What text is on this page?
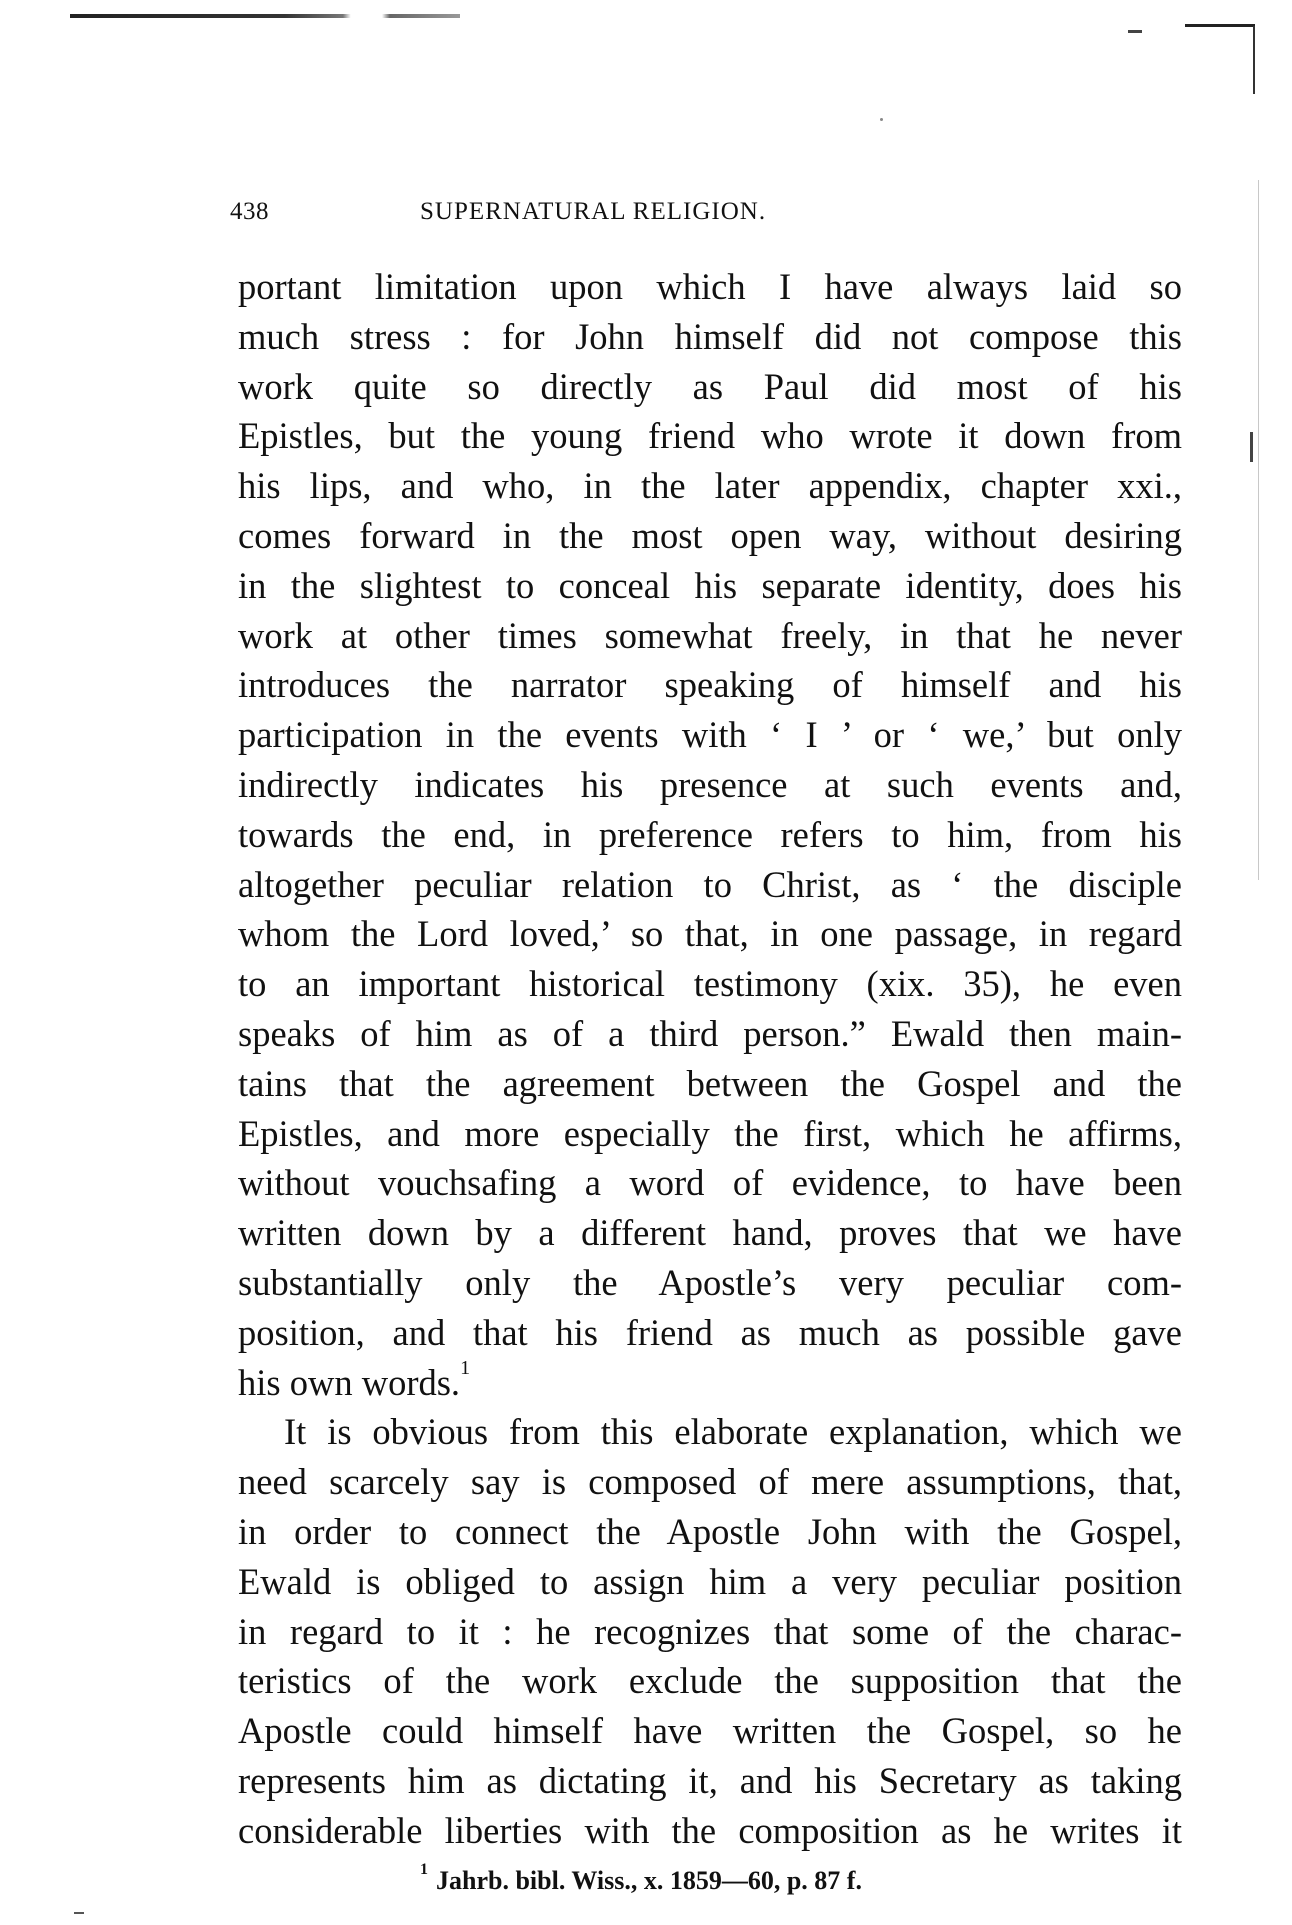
438	SUPERNATURAL RELIGION.
portant limitation upon which I have always laid so
much stress : for John himself did not compose this
work quite so directly as Paul did most of his
Epistles, but the young friend who wrote it down from
his lips, and who, in the later appendix, chapter xxi.,
comes forward in the most open way, without desiring
in the slightest to conceal his separate identity, does his
work at other times somewhat freely, in that he never
introduces the narrator speaking of himself and his
participation in the events with ‘ I ’ or ‘ we,’ but only
indirectly indicates his presence at such events and,
towards the end, in preference refers to him, from his
altogether peculiar relation to Christ, as ‘ the disciple
whom the Lord loved,’ so that, in one passage, in regard
to an important historical testimony (xix. 35), he even
speaks of him as of a third person.” Ewald then main-
tains that the agreement between the Gospel and the
Epistles, and more especially the first, which he affirms,
without vouchsafing a word of evidence, to have been
written down by a different hand, proves that we have
substantially only the Apostle’s very peculiar com-
position, and that his friend as much as possible gave
his own words.$^1$
It is obvious from this elaborate explanation, which we
need scarcely say is composed of mere assumptions, that,
in order to connect the Apostle John with the Gospel,
Ewald is obliged to assign him a very peculiar position
in regard to it : he recognizes that some of the charac-
teristics of the work exclude the supposition that the
Apostle could himself have written the Gospel, so he
represents him as dictating it, and his Secretary as taking
considerable liberties with the composition as he writes it
$^1$ Jahrb. bibl. Wiss., x. 1859—60, p. 87 f.
